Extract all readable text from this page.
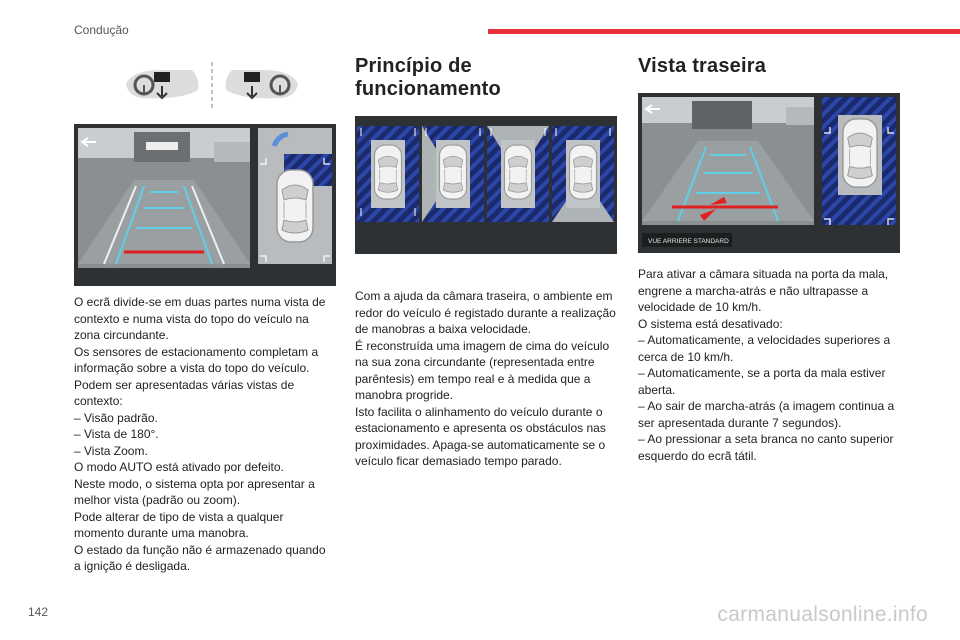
Condução
O ecrã divide-se em duas partes numa vista de
contexto e numa vista do topo do veículo na
zona circundante.
Os sensores de estacionamento completam a
informação sobre a vista do topo do veículo.
Podem ser apresentadas várias vistas de
contexto:
– Visão padrão.
– Vista de 180°.
– Vista Zoom.
O modo AUTO está ativado por defeito.
Neste modo, o sistema opta por apresentar a
melhor vista (padrão ou zoom).
Pode alterar de tipo de vista a qualquer
momento durante uma manobra.
O estado da função não é armazenado quando
a ignição é desligada.
Princípio de funcionamento
Com a ajuda da câmara traseira, o ambiente em
redor do veículo é registado durante a realização
de manobras a baixa velocidade.
É reconstruída uma imagem de cima do veículo
na sua zona circundante (representada entre
parêntesis) em tempo real e à medida que a
manobra progride.
Isto facilita o alinhamento do veículo durante o
estacionamento e apresenta os obstáculos nas
proximidades. Apaga-se automaticamente se o
veículo ficar demasiado tempo parado.
Vista traseira
VUE ARRIERE STANDARD
Para ativar a câmara situada na porta da mala,
engrene a marcha-atrás e não ultrapasse a
velocidade de 10 km/h.
O sistema está desativado:
– Automaticamente, a velocidades superiores a
cerca de 10 km/h.
– Automaticamente, se a porta da mala estiver
aberta.
– Ao sair de marcha-atrás (a imagem continua a
ser apresentada durante 7 segundos).
– Ao pressionar a seta branca no canto superior
esquerdo do ecrã tátil.
142	carmanualsonline.info
